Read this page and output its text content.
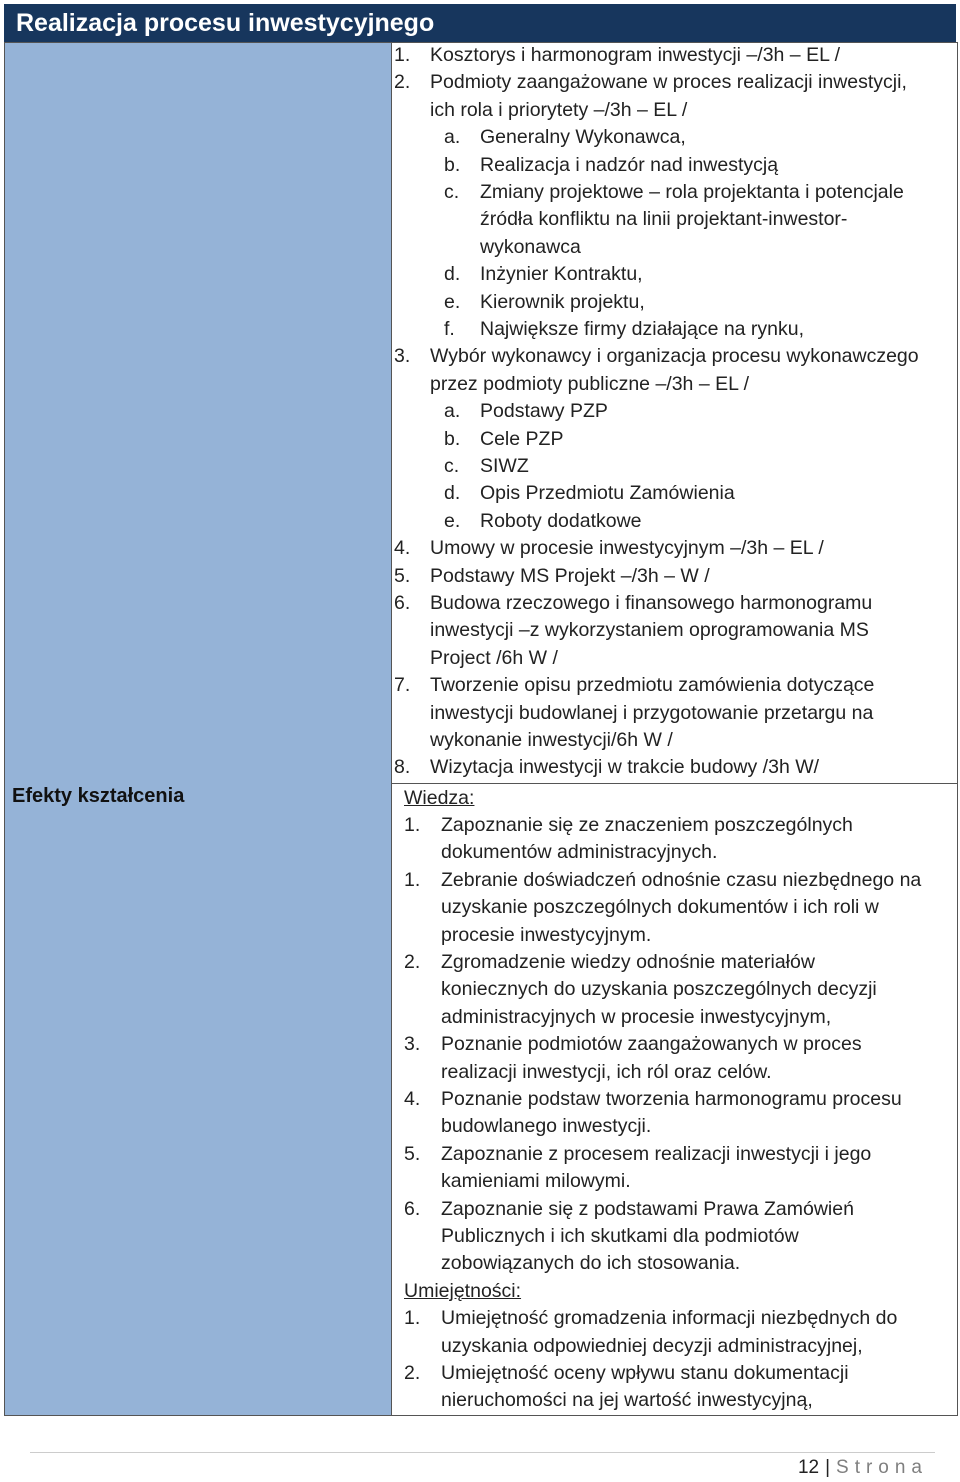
Realizacja procesu inwestycyjnego
Efekty kształcenia
1. Kosztorys i harmonogram inwestycji –/3h – EL /
2. Podmioty zaangażowane w proces realizacji inwestycji,
ich rola i priorytety –/3h – EL /
a. Generalny Wykonawca,
b. Realizacja i nadzór nad inwestycją
c. Zmiany projektowe – rola projektanta i potencjale
źródła konfliktu na linii projektant-inwestor-
wykonawca
d. Inżynier Kontraktu,
e. Kierownik projektu,
f. Największe firmy działające na rynku,
3. Wybór wykonawcy i organizacja procesu wykonawczego
przez podmioty publiczne –/3h – EL /
a. Podstawy PZP
b. Cele PZP
c. SIWZ
d. Opis Przedmiotu Zamówienia
e. Roboty dodatkowe
4. Umowy w procesie inwestycyjnym –/3h – EL /
5. Podstawy MS Projekt –/3h – W /
6. Budowa rzeczowego i finansowego harmonogramu
inwestycji –z wykorzystaniem oprogramowania MS
Project /6h W /
7. Tworzenie opisu przedmiotu zamówienia dotyczące
inwestycji budowlanej i przygotowanie przetargu na
wykonanie inwestycji/6h W /
8. Wizytacja inwestycji w trakcie budowy /3h W/
Wiedza:
1. Zapoznanie się ze znaczeniem poszczególnych
dokumentów administracyjnych.
1. Zebranie doświadczeń odnośnie czasu niezbędnego na
uzyskanie poszczególnych dokumentów i ich roli w
procesie inwestycyjnym.
2. Zgromadzenie wiedzy odnośnie materiałów
koniecznych do uzyskania poszczególnych decyzji
administracyjnych w procesie inwestycyjnym,
3. Poznanie podmiotów zaangażowanych w proces
realizacji inwestycji, ich ról oraz celów.
4. Poznanie podstaw tworzenia harmonogramu procesu
budowlanego inwestycji.
5. Zapoznanie z procesem realizacji inwestycji i jego
kamieniami milowymi.
6. Zapoznanie się z podstawami Prawa Zamówień
Publicznych i ich skutkami dla podmiotów
zobowiązanych do ich stosowania.
Umiejętności:
1. Umiejętność gromadzenia informacji niezbędnych do
uzyskania odpowiedniej decyzji administracyjnej,
2. Umiejętność oceny wpływu stanu dokumentacji
nieruchomości na jej wartość inwestycyjną,
12 | Strona
